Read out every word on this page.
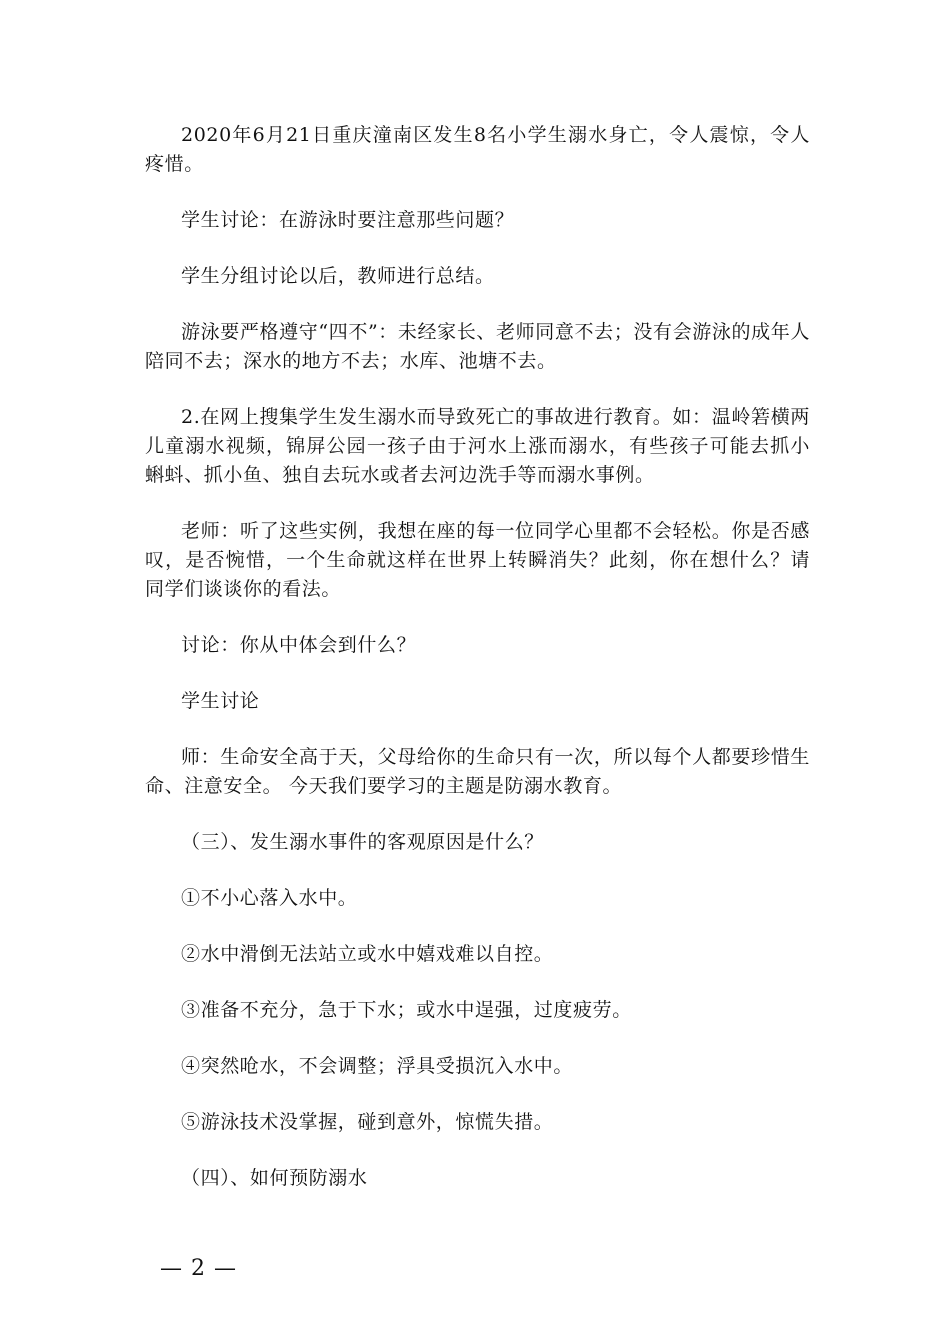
2020年6月21日重庆潼南区发生8名小学生溺水身亡，令人震惊，令人疼惜。

学生讨论：在游泳时要注意那些问题？

学生分组讨论以后，教师进行总结。

游泳要严格遵守“四不”：未经家长、老师同意不去；没有会游泳的成年人陪同不去；深水的地方不去；水库、池塘不去。

2.在网上搜集学生发生溺水而导致死亡的事故进行教育。如：温岭箬横两儿童溺水视频，锦屏公园一孩子由于河水上涨而溺水，有些孩子可能去抓小蝌蚪、抓小鱼、独自去玩水或者去河边洗手等而溺水事例。

老师：听了这些实例，我想在座的每一位同学心里都不会轻松。你是否感叹，是否惋惜，一个生命就这样在世界上转瞬消失？此刻，你在想什么？请同学们谈谈你的看法。

讨论：你从中体会到什么？

学生讨论

师：生命安全高于天，父母给你的生命只有一次，所以每个人都要珍惜生命、注意安全。 今天我们要学习的主题是防溺水教育。

（三）、发生溺水事件的客观原因是什么？

①不小心落入水中。

②水中滑倒无法站立或水中嬉戏难以自控。

③准备不充分，急于下水；或水中逞强，过度疲劳。

④突然呛水，不会调整；浮具受损沉入水中。

⑤游泳技术没掌握，碰到意外，惊慌失措。

（四）、如何预防溺水

— 2 —
